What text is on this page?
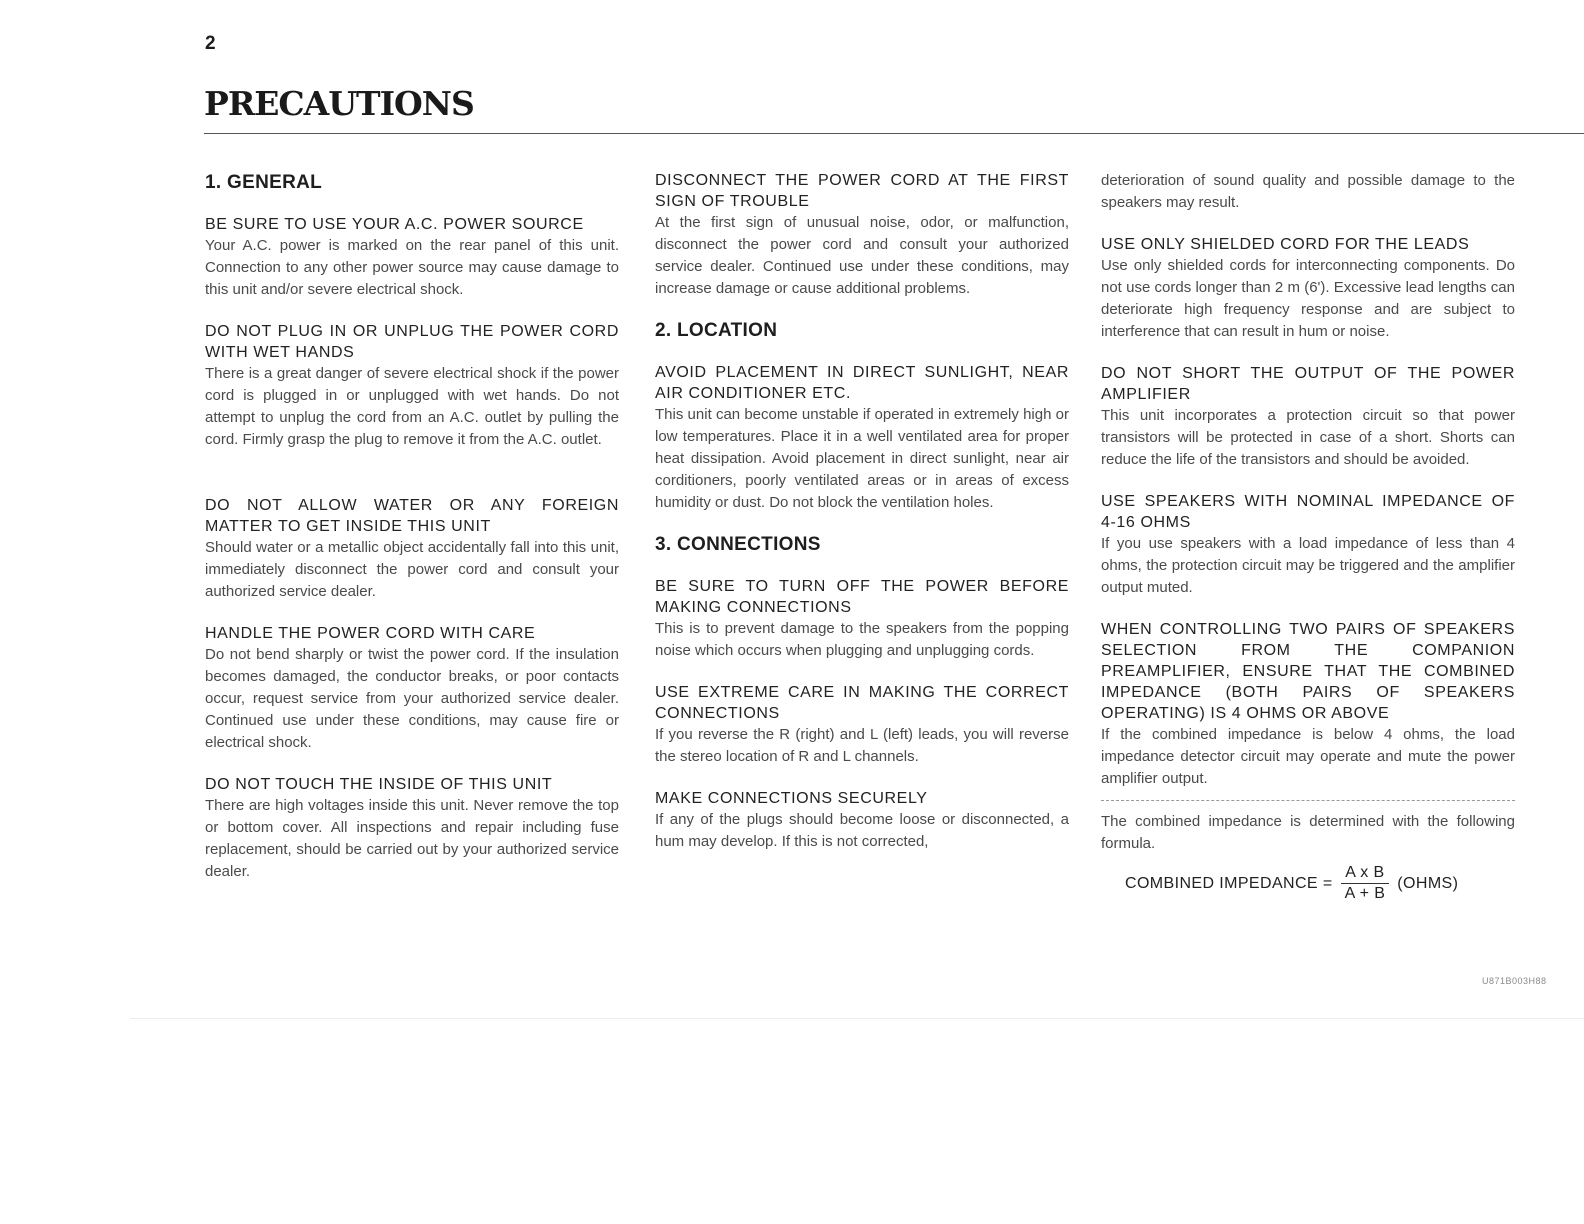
2
PRECAUTIONS
1. GENERAL

BE SURE TO USE YOUR A.C. POWER SOURCE

Your A.C. power is marked on the rear panel of this unit. Connection to any other power source may cause damage to this unit and/or severe electrical shock.

DO NOT PLUG IN OR UNPLUG THE POWER CORD WITH WET HANDS

There is a great danger of severe electrical shock if the power cord is plugged in or unplugged with wet hands. Do not attempt to unplug the cord from an A.C. outlet by pulling the cord. Firmly grasp the plug to remove it from the A.C. outlet.

DO NOT ALLOW WATER OR ANY FOREIGN MATTER TO GET INSIDE THIS UNIT

Should water or a metallic object accidentally fall into this unit, immediately disconnect the power cord and consult your authorized service dealer.

HANDLE THE POWER CORD WITH CARE

Do not bend sharply or twist the power cord. If the insulation becomes damaged, the conductor breaks, or poor contacts occur, request service from your authorized service dealer. Continued use under these conditions, may cause fire or electrical shock.

DO NOT TOUCH THE INSIDE OF THIS UNIT

There are high voltages inside this unit. Never remove the top or bottom cover. All inspections and repair including fuse replacement, should be carried out by your authorized service dealer.

DISCONNECT THE POWER CORD AT THE FIRST SIGN OF TROUBLE

At the first sign of unusual noise, odor, or malfunction, disconnect the power cord and consult your authorized service dealer. Continued use under these conditions, may increase damage or cause additional problems.

2. LOCATION

AVOID PLACEMENT IN DIRECT SUNLIGHT, NEAR AIR CONDITIONER ETC.

This unit can become unstable if operated in extremely high or low temperatures. Place it in a well ventilated area for proper heat dissipation. Avoid placement in direct sunlight, near air corditioners, poorly ventilated areas or in areas of excess humidity or dust. Do not block the ventilation holes.

3. CONNECTIONS

BE SURE TO TURN OFF THE POWER BEFORE MAKING CONNECTIONS

This is to prevent damage to the speakers from the popping noise which occurs when plugging and unplugging cords.

USE EXTREME CARE IN MAKING THE CORRECT CONNECTIONS

If you reverse the R (right) and L (left) leads, you will reverse the stereo location of R and L channels.

MAKE CONNECTIONS SECURELY

If any of the plugs should become loose or disconnected, a hum may develop. If this is not corrected,

deterioration of sound quality and possible damage to the speakers may result.

USE ONLY SHIELDED CORD FOR THE LEADS

Use only shielded cords for interconnecting components. Do not use cords longer than 2 m (6'). Excessive lead lengths can deteriorate high frequency response and are subject to interference that can result in hum or noise.

DO NOT SHORT THE OUTPUT OF THE POWER AMPLIFIER

This unit incorporates a protection circuit so that power transistors will be protected in case of a short. Shorts can reduce the life of the transistors and should be avoided.

USE SPEAKERS WITH NOMINAL IMPEDANCE OF 4-16 OHMS

If you use speakers with a load impedance of less than 4 ohms, the protection circuit may be triggered and the amplifier output muted.

WHEN CONTROLLING TWO PAIRS OF SPEAKERS SELECTION FROM THE COMPANION PREAMPLIFIER, ENSURE THAT THE COMBINED IMPEDANCE (BOTH PAIRS OF SPEAKERS OPERATING) IS 4 OHMS OR ABOVE

If the combined impedance is below 4 ohms, the load impedance detector circuit may operate and mute the power amplifier output.

The combined impedance is determined with the following formula.

COMBINED IMPEDANCE = $\frac{\text{A x B}}{A + B}$ (OHMS)
U871B003H88
